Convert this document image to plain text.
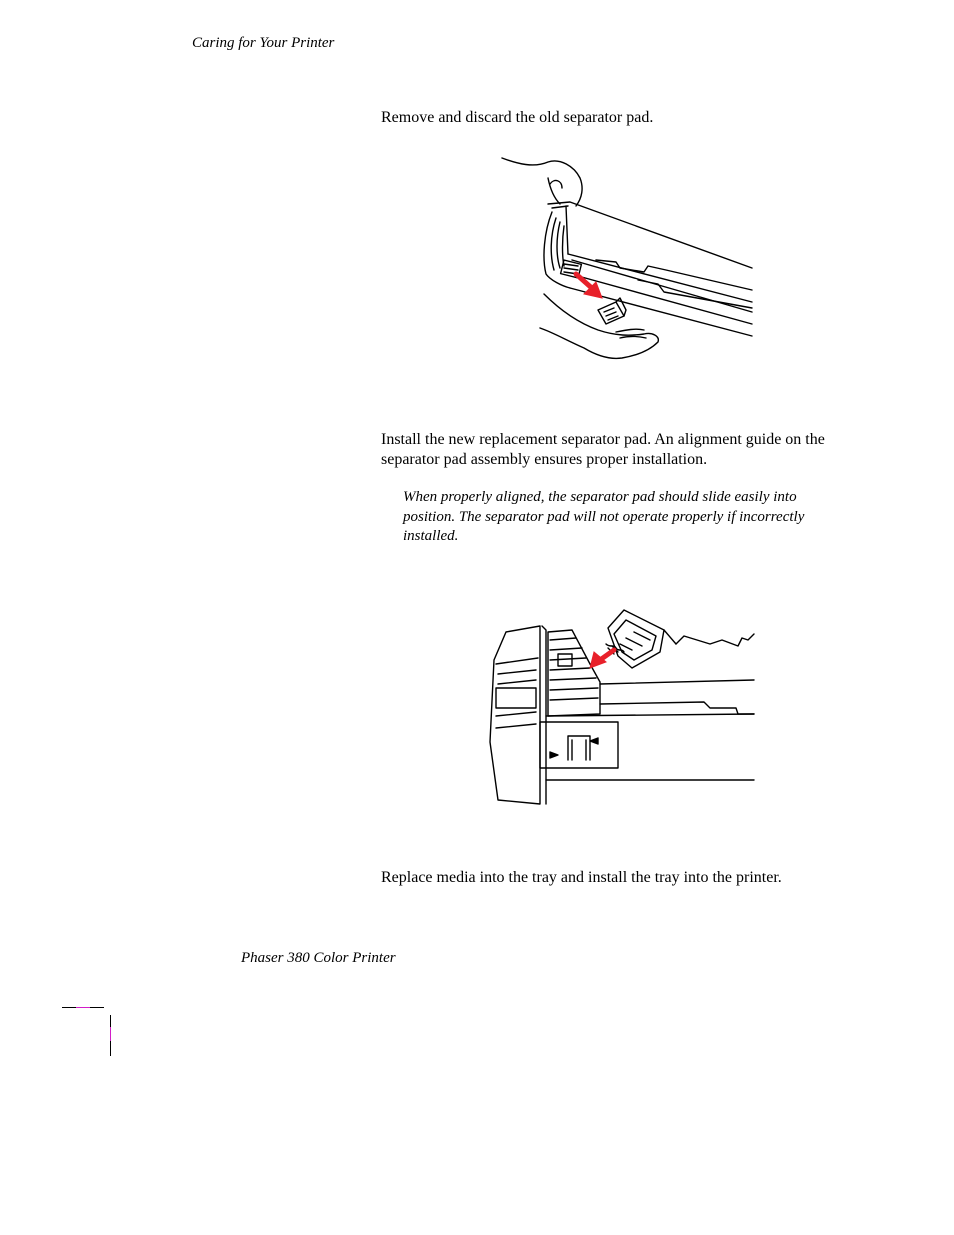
Caring for Your Printer
Remove and discard the old separator pad.
Install the new replacement separator pad. An alignment guide on the separator pad assembly ensures proper installation.
When properly aligned, the separator pad should slide easily into position. The separator pad will not operate properly if incorrectly installed.
Replace media into the tray and install the tray into the printer.
Phaser 380 Color Printer
